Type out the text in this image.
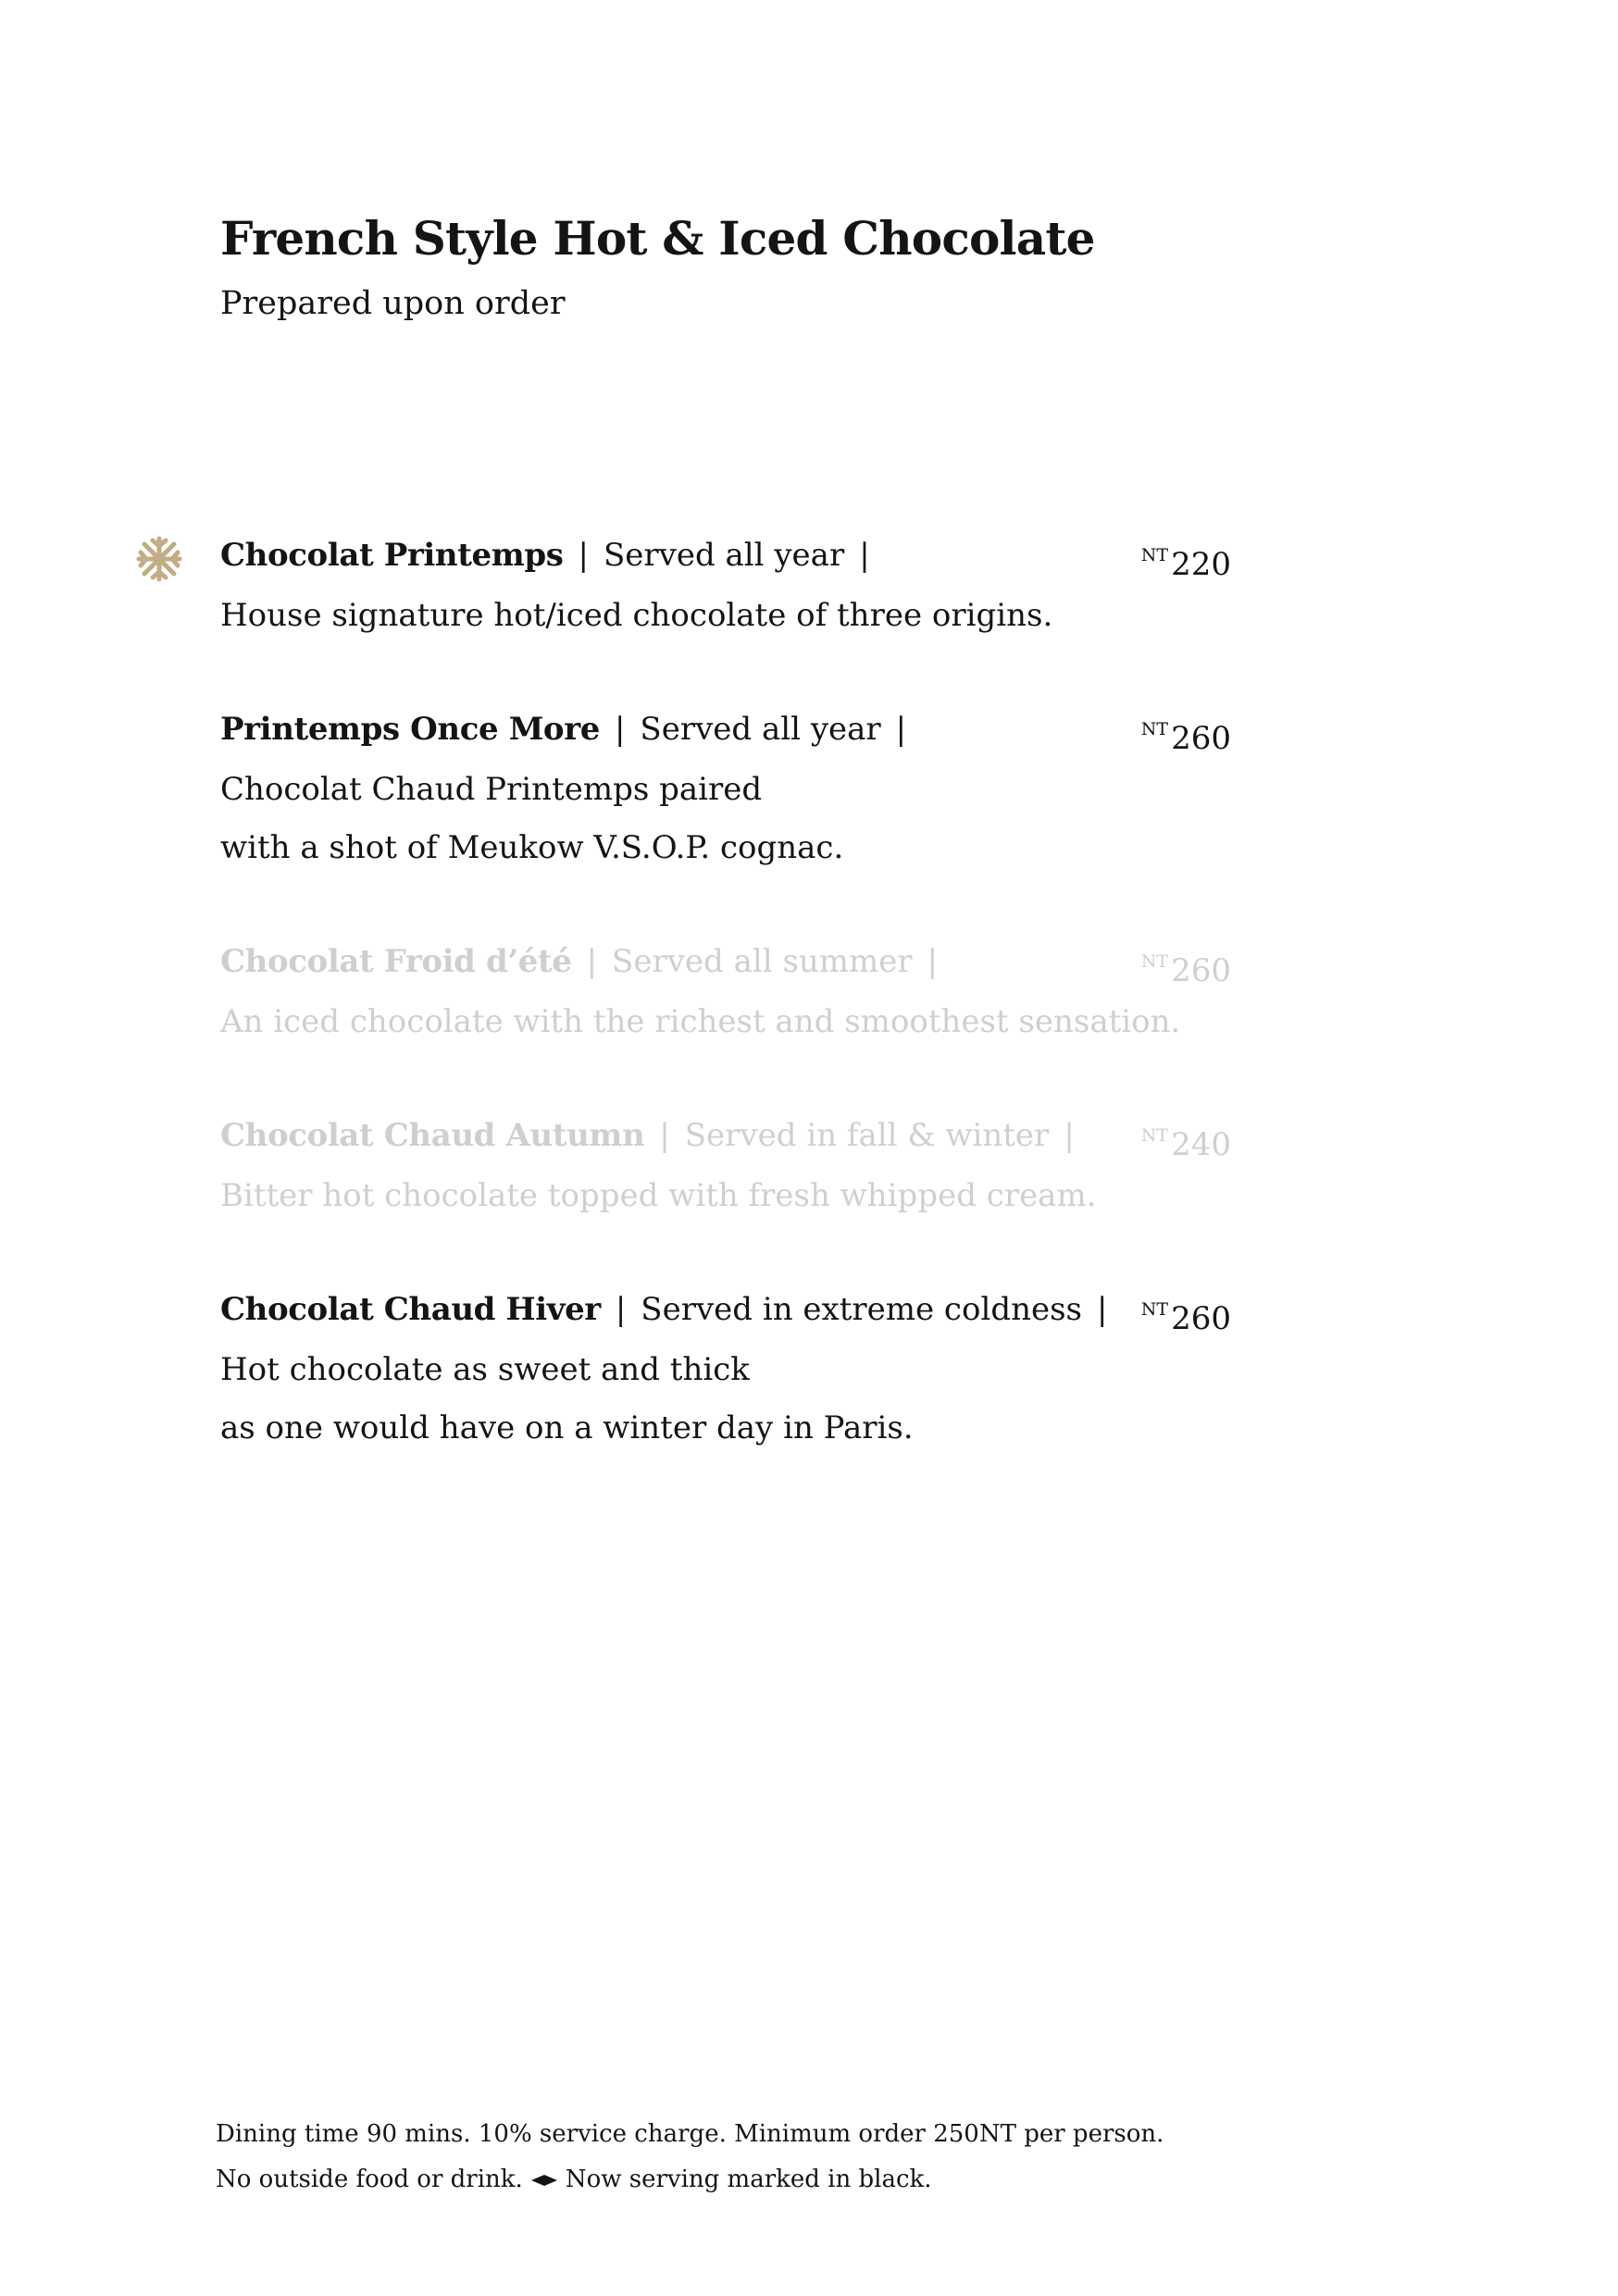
French Style Hot & Iced Chocolate
Prepared upon order
Chocolat Printemps | Served all year |	$^{NT}$220
House signature hot/iced chocolate of three origins.
Printemps Once More | Served all year |	$^{NT}$260
Chocolat Chaud Printemps paired
with a shot of Meukow V.S.O.P. cognac.
Chocolat Froid d’été | Served all summer |	$^{NT}$260
An iced chocolate with the richest and smoothest sensation.
Chocolat Chaud Autumn | Served in fall & winter |	$^{NT}$240
Bitter hot chocolate topped with fresh whipped cream.
Chocolat Chaud Hiver | Served in extreme coldness | $^{NT}$260
Hot chocolate as sweet and thick
as one would have on a winter day in Paris.
Dining time 90 mins. 10% service charge. Minimum order 250NT per person.
No outside food or drink. Now serving marked in black.
